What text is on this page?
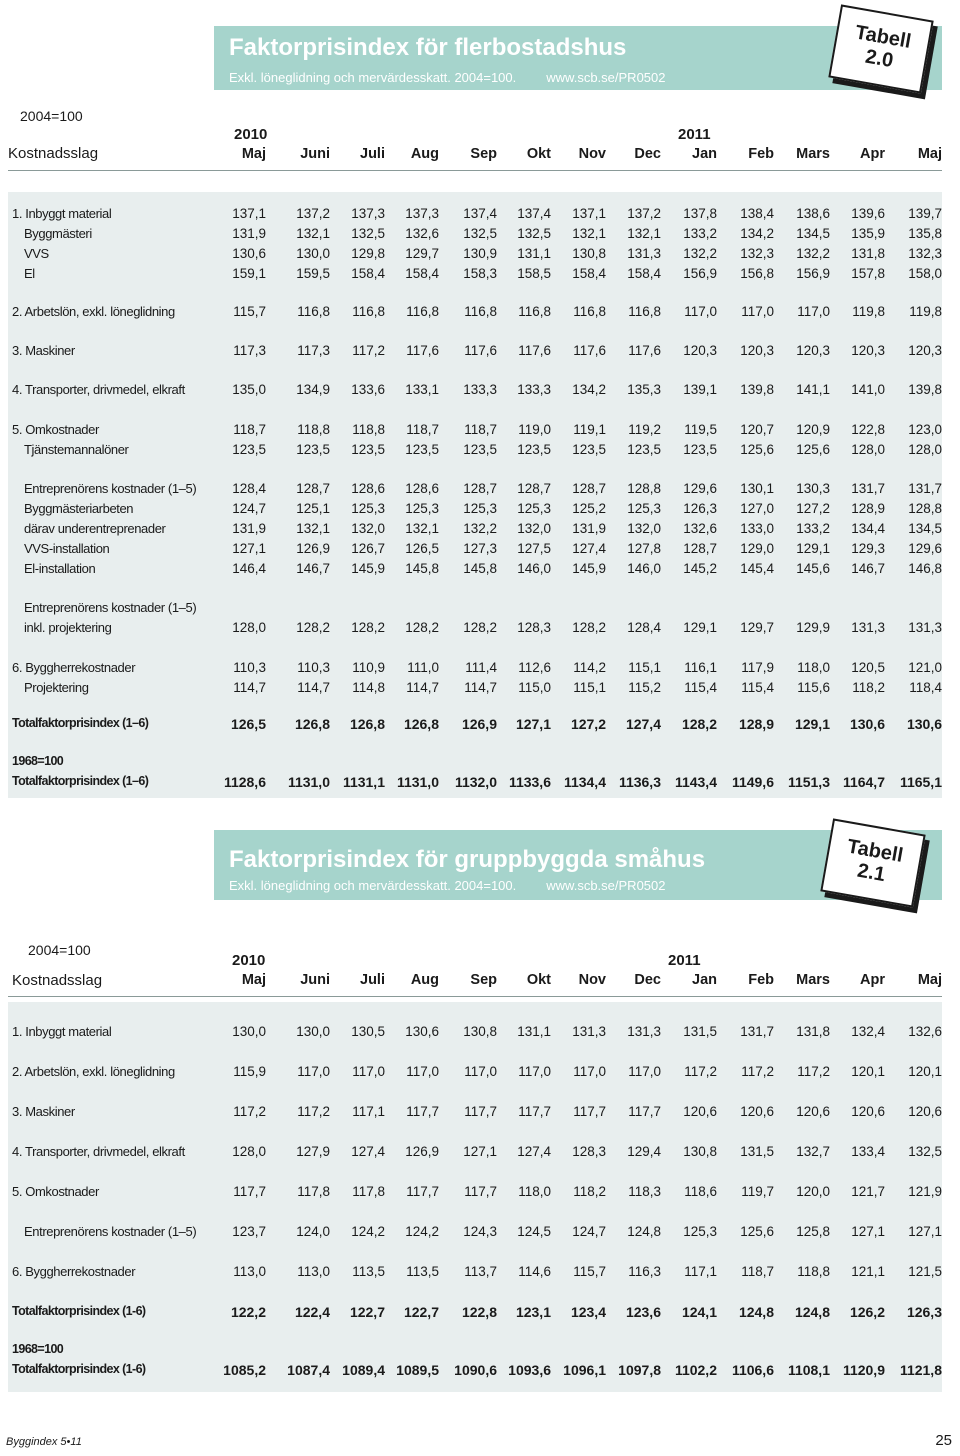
Faktorprisindex för flerbostadshus
Exkl. löneglidning och mervärdesskatt. 2004=100. www.scb.se/PR0502
Tabell
2.0
2004=100
2010	2011
Kostnadsslag	Maj	Juni	Juli	Aug	Sep	Okt	Nov	Dec	Jan	Feb	Mars	Apr	Maj
1. Inbyggt material	137,1	137,2	137,3	137,3	137,4	137,4	137,1	137,2	137,8	138,4	138,6	139,6	139,7
Byggmästeri	131,9	132,1	132,5	132,6	132,5	132,5	132,1	132,1	133,2	134,2	134,5	135,9	135,8
VVS	130,6	130,0	129,8	129,7	130,9	131,1	130,8	131,3	132,2	132,3	132,2	131,8	132,3
El	159,1	159,5	158,4	158,4	158,3	158,5	158,4	158,4	156,9	156,8	156,9	157,8	158,0
2. Arbetslön, exkl. löneglidning	115,7	116,8	116,8	116,8	116,8	116,8	116,8	116,8	117,0	117,0	117,0	119,8	119,8
3. Maskiner	117,3	117,3	117,2	117,6	117,6	117,6	117,6	117,6	120,3	120,3	120,3	120,3	120,3
4. Transporter, drivmedel, elkraft	135,0	134,9	133,6	133,1	133,3	133,3	134,2	135,3	139,1	139,8	141,1	141,0	139,8
5. Omkostnader	118,7	118,8	118,8	118,7	118,7	119,0	119,1	119,2	119,5	120,7	120,9	122,8	123,0
Tjänstemannalöner	123,5	123,5	123,5	123,5	123,5	123,5	123,5	123,5	123,5	125,6	125,6	128,0	128,0
Entreprenörens kostnader (1–5)	128,4	128,7	128,6	128,6	128,7	128,7	128,7	128,8	129,6	130,1	130,3	131,7	131,7
Byggmästeriarbeten	124,7	125,1	125,3	125,3	125,3	125,3	125,2	125,3	126,3	127,0	127,2	128,9	128,8
därav underentreprenader	131,9	132,1	132,0	132,1	132,2	132,0	131,9	132,0	132,6	133,0	133,2	134,4	134,5
VVS-installation	127,1	126,9	126,7	126,5	127,3	127,5	127,4	127,8	128,7	129,0	129,1	129,3	129,6
El-installation	146,4	146,7	145,9	145,8	145,8	146,0	145,9	146,0	145,2	145,4	145,6	146,7	146,8
Entreprenörens kostnader (1–5)
inkl. projektering	128,0	128,2	128,2	128,2	128,2	128,3	128,2	128,4	129,1	129,7	129,9	131,3	131,3
6. Byggherrekostnader	110,3	110,3	110,9	111,0	111,4	112,6	114,2	115,1	116,1	117,9	118,0	120,5	121,0
Projektering	114,7	114,7	114,8	114,7	114,7	115,0	115,1	115,2	115,4	115,4	115,6	118,2	118,4
Totalfaktorprisindex (1–6)	126,5	126,8	126,8	126,8	126,9	127,1	127,2	127,4	128,2	128,9	129,1	130,6	130,6
1968=100
Totalfaktorprisindex (1–6)	1128,6	1131,0 1131,1 1131,0	1132,0 1133,6 1134,4 1136,3 1143,4	1149,6 1151,3 1164,7	1165,1
Faktorprisindex för gruppbyggda småhus
Exkl. löneglidning och mervärdesskatt. 2004=100. www.scb.se/PR0502
Tabell
2.1
2004=100
2010	2011
Kostnadsslag	Maj	Juni	Juli	Aug	Sep	Okt	Nov	Dec	Jan	Feb	Mars	Apr	Maj
1. Inbyggt material	130,0	130,0	130,5	130,6	130,8	131,1	131,3	131,3	131,5	131,7	131,8	132,4	132,6
2. Arbetslön, exkl. löneglidning	115,9	117,0	117,0	117,0	117,0	117,0	117,0	117,0	117,2	117,2	117,2	120,1	120,1
3. Maskiner	117,2	117,2	117,1	117,7	117,7	117,7	117,7	117,7	120,6	120,6	120,6	120,6	120,6
4. Transporter, drivmedel, elkraft	128,0	127,9	127,4	126,9	127,1	127,4	128,3	129,4	130,8	131,5	132,7	133,4	132,5
5. Omkostnader	117,7	117,8	117,8	117,7	117,7	118,0	118,2	118,3	118,6	119,7	120,0	121,7	121,9
Entreprenörens kostnader (1–5)	123,7	124,0	124,2	124,2	124,3	124,5	124,7	124,8	125,3	125,6	125,8	127,1	127,1
6. Byggherrekostnader	113,0	113,0	113,5	113,5	113,7	114,6	115,7	116,3	117,1	118,7	118,8	121,1	121,5
Totalfaktorprisindex (1-6)	122,2	122,4	122,7	122,7	122,8	123,1	123,4	123,6	124,1	124,8	124,8	126,2	126,3
1968=100
Totalfaktorprisindex (1-6)	1085,2	1087,4 1089,4 1089,5	1090,6 1093,6 1096,1 1097,8 1102,2	1106,6 1108,1 1120,9	1121,8
Byggindex 5•11	25
